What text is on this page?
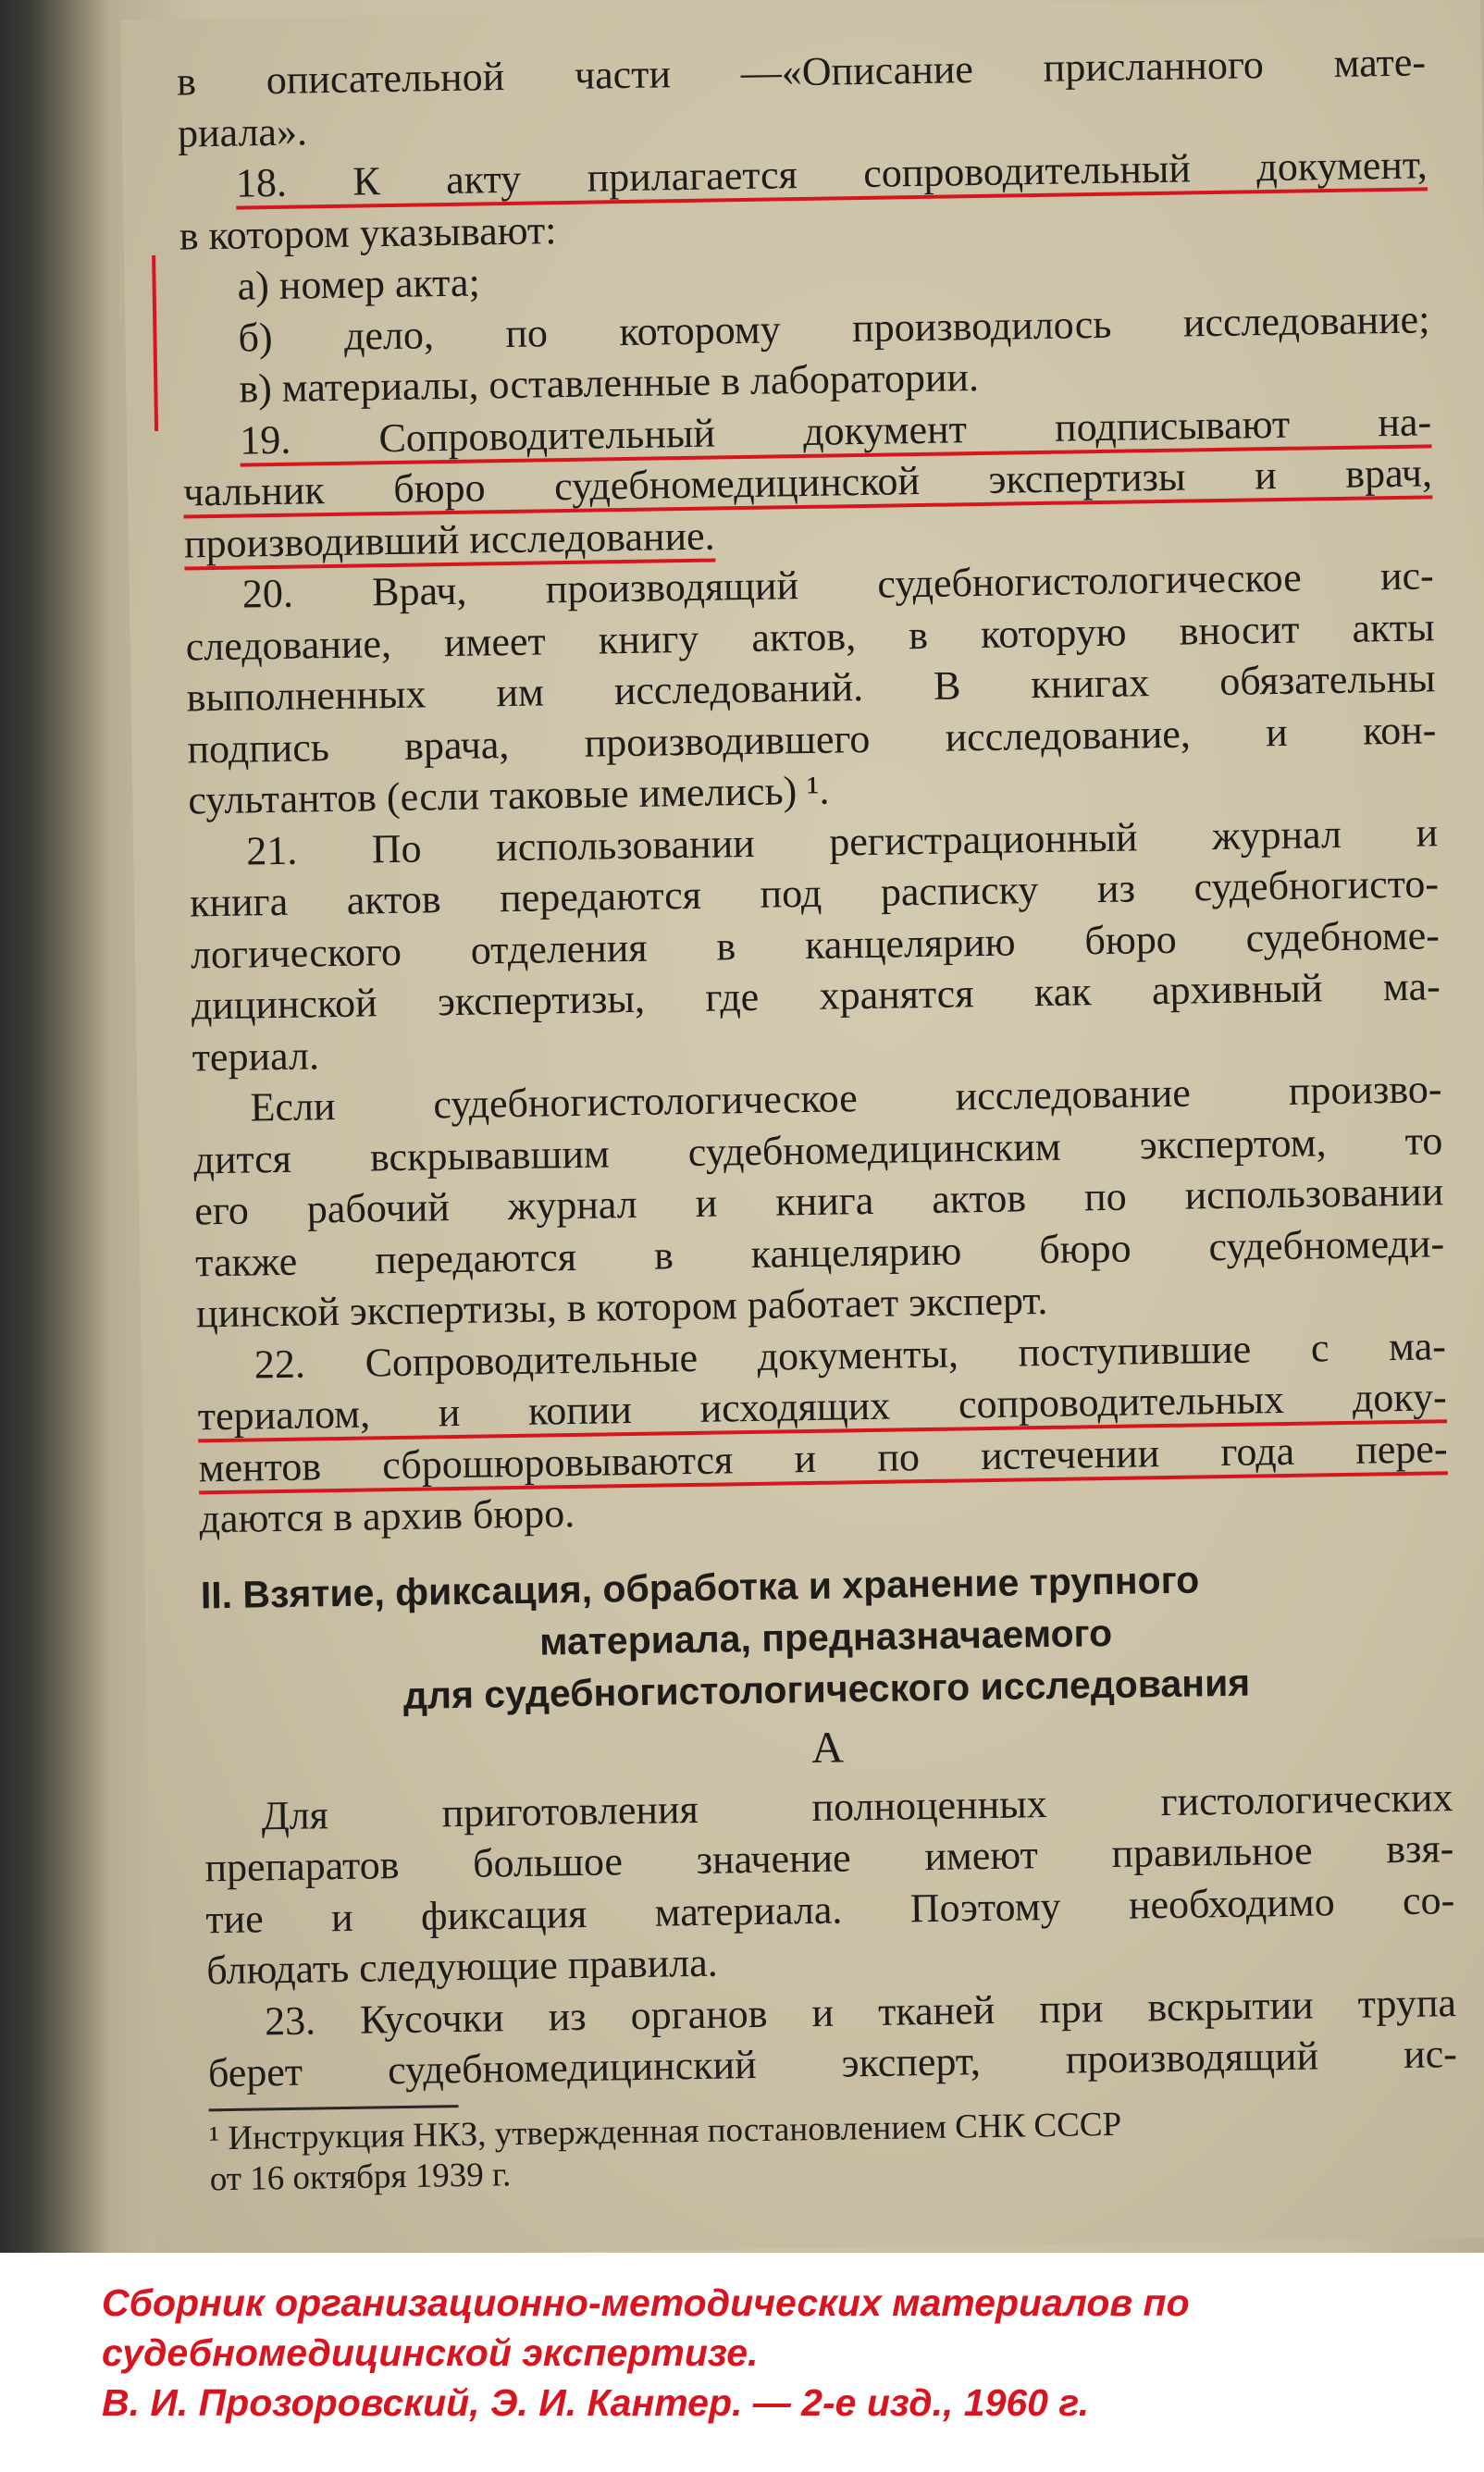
в описательной части —«Описание присланного мате-
риала».
18. К акту прилагается сопроводительный документ,
в котором указывают:
а) номер акта;
б) дело, по которому производилось исследование;
в) материалы, оставленные в лаборатории.
19. Сопроводительный документ подписывают на-
чальник бюро судебномедицинской экспертизы и врач,
производивший исследование.
20. Врач, производящий судебногистологическое ис-
следование, имеет книгу актов, в которую вносит акты
выполненных им исследований. В книгах обязательны
подпись врача, производившего исследование, и кон-
сультантов (если таковые имелись) ¹.
21. По использовании регистрационный журнал и
книга актов передаются под расписку из судебногисто-
логического отделения в канцелярию бюро судебноме-
дицинской экспертизы, где хранятся как архивный ма-
териал.
Если судебногистологическое исследование произво-
дится вскрывавшим судебномедицинским экспертом, то
его рабочий журнал и книга актов по использовании
также передаются в канцелярию бюро судебномеди-
цинской экспертизы, в котором работает эксперт.
22. Сопроводительные документы, поступившие с ма-
териалом, и копии исходящих сопроводительных доку-
ментов сброшюровываются и по истечении года пере-
даются в архив бюро.
II. Взятие, фиксация, обработка и хранение трупного
материала, предназначаемого
для судебногистологического исследования
А
Для приготовления полноценных гистологических
препаратов большое значение имеют правильное взя-
тие и фиксация материала. Поэтому необходимо со-
блюдать следующие правила.
23. Кусочки из органов и тканей при вскрытии трупа
берет судебномедицинский эксперт, производящий ис-
¹ Инструкция НКЗ, утвержденная постановлением СНК СССР
от 16 октября 1939 г.
Сборник организационно-методических материалов по
судебномедицинской экспертизе.
В. И. Прозоровский, Э. И. Кантер. — 2-е изд., 1960 г.
